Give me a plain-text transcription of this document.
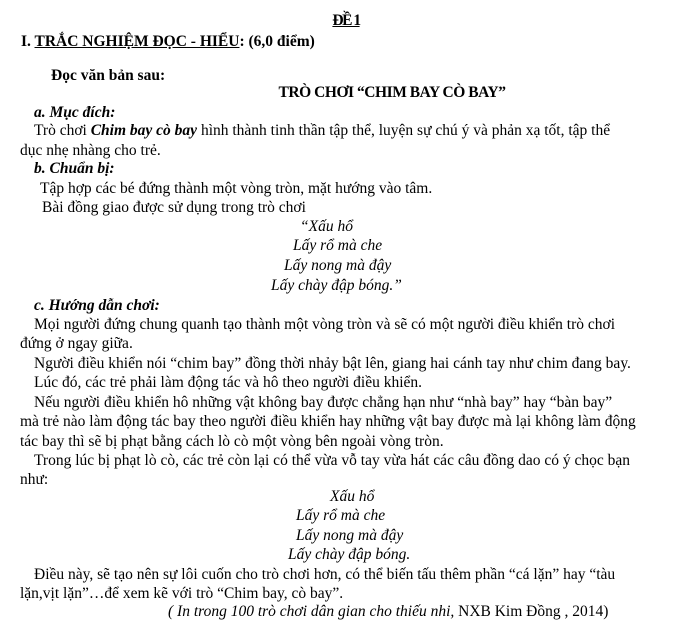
ĐỀ 1
I. TRẮC NGHIỆM ĐỌC - HIỂU: (6,0 điểm)
Đọc văn bản sau:
TRÒ CHƠI “CHIM BAY CÒ BAY”
a. Mục đích:
Trò chơi Chim bay cò bay hình thành tinh thần tập thể, luyện sự chú ý và phản xạ tốt, tập thể
dục nhẹ nhàng cho trẻ.
b. Chuẩn bị:
Tập hợp các bé đứng thành một vòng tròn, mặt hướng vào tâm.
Bài đồng giao được sử dụng trong trò chơi
“Xấu hổ
Lấy rổ mà che
Lấy nong mà đậy
Lấy chày đập bóng.”
c. Hướng dẫn chơi:
Mọi người đứng chung quanh tạo thành một vòng tròn và sẽ có một người điều khiển trò chơi
đứng ở ngay giữa.
Người điều khiển nói “chim bay” đồng thời nhảy bật lên, giang hai cánh tay như chim đang bay.
Lúc đó, các trẻ phải làm động tác và hô theo người điều khiển.
Nếu người điều khiển hô những vật không bay được chẳng hạn như “nhà bay” hay “bàn bay”
mà trẻ nào làm động tác bay theo người điều khiển hay những vật bay được mà lại không làm động
tác bay thì sẽ bị phạt bằng cách lò cò một vòng bên ngoài vòng tròn.
Trong lúc bị phạt lò cò, các trẻ còn lại có thể vừa vỗ tay vừa hát các câu đồng dao có ý chọc bạn
như:
Xấu hổ
Lấy rổ mà che
Lấy nong mà đậy
Lấy chày đập bóng.
Điều này, sẽ tạo nên sự lôi cuốn cho trò chơi hơn, có thể biến tấu thêm phần “cá lặn” hay “tàu
lặn,vịt lặn”…để xem kẽ với trò “Chim bay, cò bay”.
( In trong 100 trò chơi dân gian cho thiếu nhi, NXB Kim Đồng , 2014)
